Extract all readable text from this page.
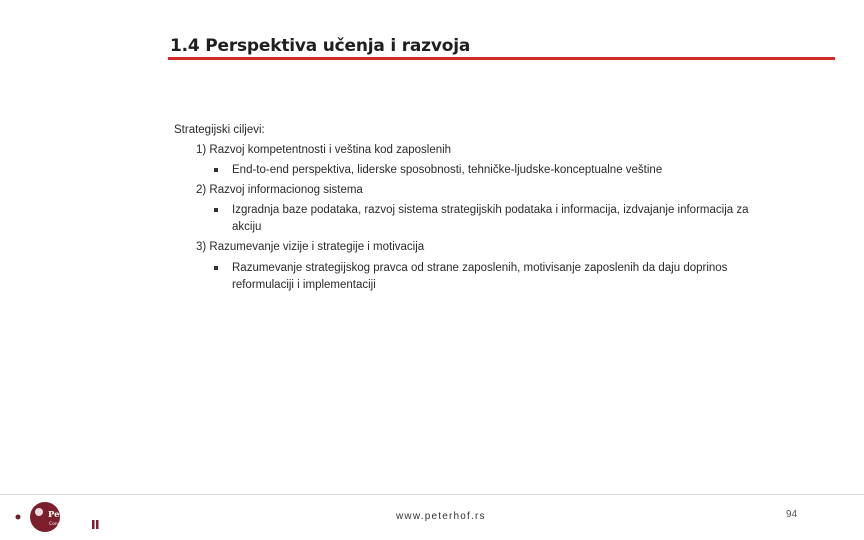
1.4 Perspektiva učenja i razvoja
Strategijski ciljevi:
1) Razvoj kompetentnosti i veština kod zaposlenih
End-to-end perspektiva, liderske sposobnosti, tehničke-ljudske-konceptualne veštine
2) Razvoj informacionog sistema
Izgradnja baze podataka, razvoj sistema strategijskih podataka i informacija, izdvajanje informacija za
akciju
3) Razumevanje vizije i strategije i motivacija
Razumevanje strategijskog pravca od strane zaposlenih, motivisanje zaposlenih da daju doprinos
reformulaciji i implementaciji
PeterHof
Consulting
www.peterhof.rs	94
